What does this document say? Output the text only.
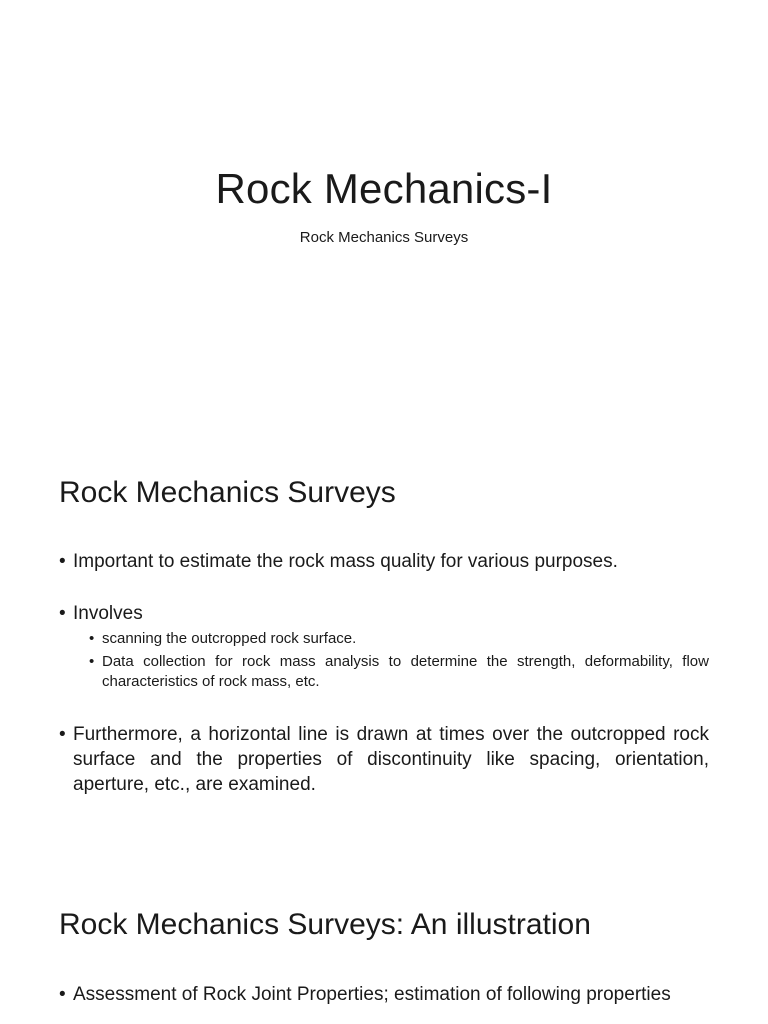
Rock Mechanics-I

Rock Mechanics Surveys

Rock Mechanics Surveys
• Important to estimate the rock mass quality for various purposes.
• Involves
• scanning the outcropped rock surface.
• Data collection for rock mass analysis to determine the strength, deformability, flow characteristics of rock mass, etc.
• Furthermore, a horizontal line is drawn at times over the outcropped rock surface and the properties of discontinuity like spacing, orientation, aperture, etc., are examined.
Rock Mechanics Surveys: An illustration
• Assessment of Rock Joint Properties; estimation of following properties
